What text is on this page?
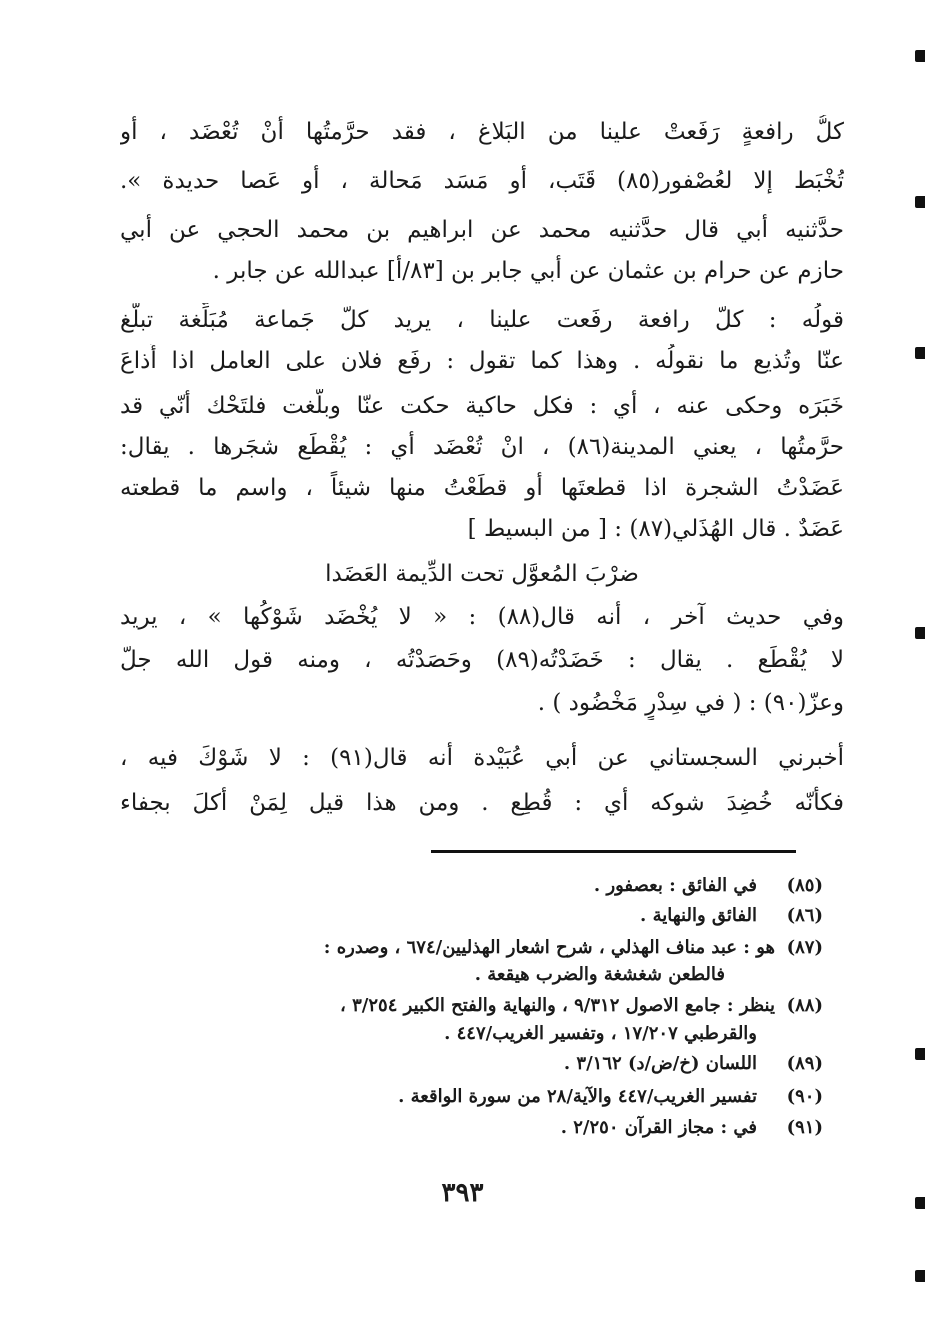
كلُّ رافعةٍ رَفَعتْ علينا من البَلاغ ، فقد حرَّمتُها أنْ تُعْضَد ، أو
تُخْبَط إلا لعُصْفور(٨٥) قَتَب، أو مَسَد مَحالة ، أو عَصا حديدة ».
حدَّثنيه أبي قال حدَّثنيه محمد عن ابراهيم بن محمد الحجي عن أبي
حازم عن حرام بن عثمان عن أبي جابر بن [٨٣/أ] عبدالله عن جابر .
قولُه : كلّ رافعة رفَعت علينا ، يريد كلّ جَماعة مُبَلِّغة تبلّغ
عنّا وتُذيع ما نقولُه . وهذا كما تقول : رفَع فلان على العامل اذا أَذاعَ
خَبَرَه وحكى عنه ، أي : فكل حاكية حكت عنّا وبلّغت فلتَحْك أنّي قد
حرَّمتُها ، يعني المدينة(٨٦) ، انْ تُعْضَد أي : يُقْطَع شجَرها . يقال:
عَضَدْتُ الشجرة اذا قطعتَها أو قطَعْتُ منها شيئاً ، واسم ما قطعته
عَضَدٌ . قال الهُذَلي(٨٧) : [ من البسيط ]
ضرْبَ المُعوَّل تحت الدِّيمة العَضَدا
وفي حديث آخر ، أنه قال(٨٨) : « لا يُخْضَد شَوْكُها » ، يريد
لا يُقْطَع . يقال : خَضَدْتُه(٨٩) وحَصَدْتُه ، ومنه قول الله جلّ
وعزّ(٩٠) : ( في سِدْرٍ مَخْضُود ) .
أخبرني السجستاني عن أبي عُبَيْدة أنه قال(٩١) : لا شَوْكَ فيه ،
فكأنّه خُضِدَ شوكه أي : قُطِع . ومن هذا قيل لِمَنْ أكلَ بجفاء
(٨٥)
في الفائق : بعصفور .
(٨٦)
الفائق والنهاية .
(٨٧)
هو : عبد مناف الهذلي ، شرح اشعار الهذليين/٦٧٤ ، وصدره :
فالطعن شغشغة والضرب هيقعة .
(٨٨)
ينظر : جامع الاصول ٩/٣١٢ ، والنهاية والفتح الكبير ٣/٢٥٤ ،
والقرطبي ١٧/٢٠٧ ، وتفسير الغريب/٤٤٧ .
(٨٩)
اللسان (خ/ض/د) ٣/١٦٢ .
(٩٠)
تفسير الغريب/٤٤٧ والآية/٢٨ من سورة الواقعة .
(٩١)
في : مجاز القرآن ٢/٢٥٠ .
٣٩٣
